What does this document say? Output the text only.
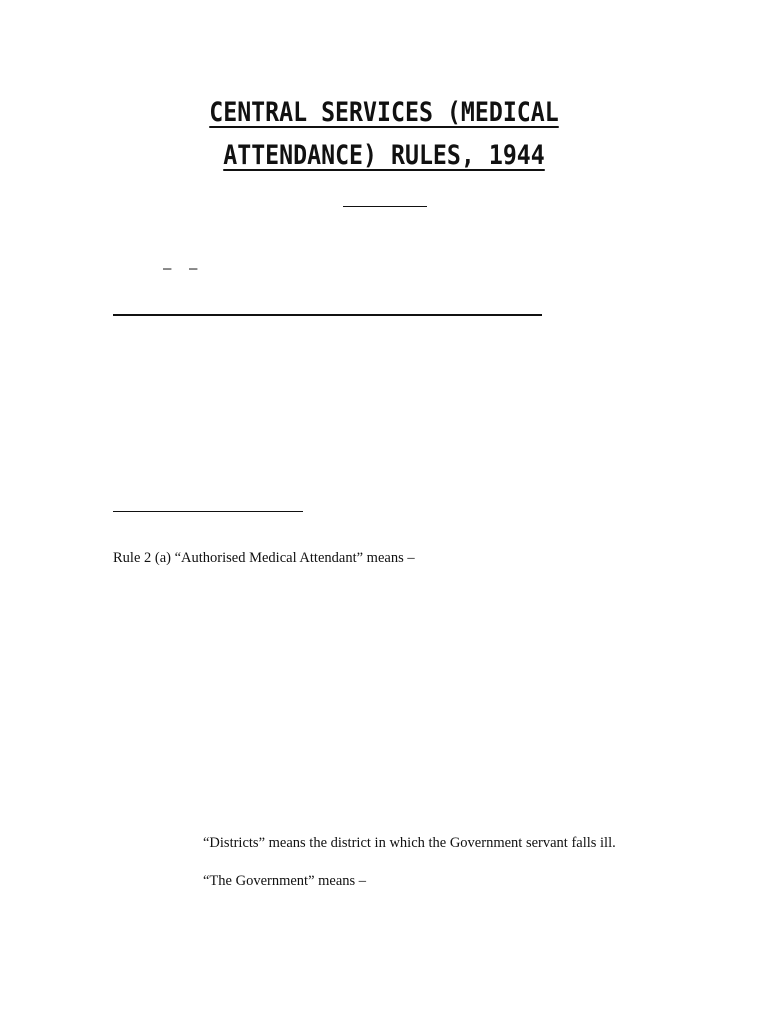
CENTRAL SERVICES (MEDICAL
ATTENDANCE) RULES, 1944
– –

Rule 2 (a) “Authorised Medical Attendant” means –

“Districts” means the district in which the Government servant falls ill.

“The Government” means –
